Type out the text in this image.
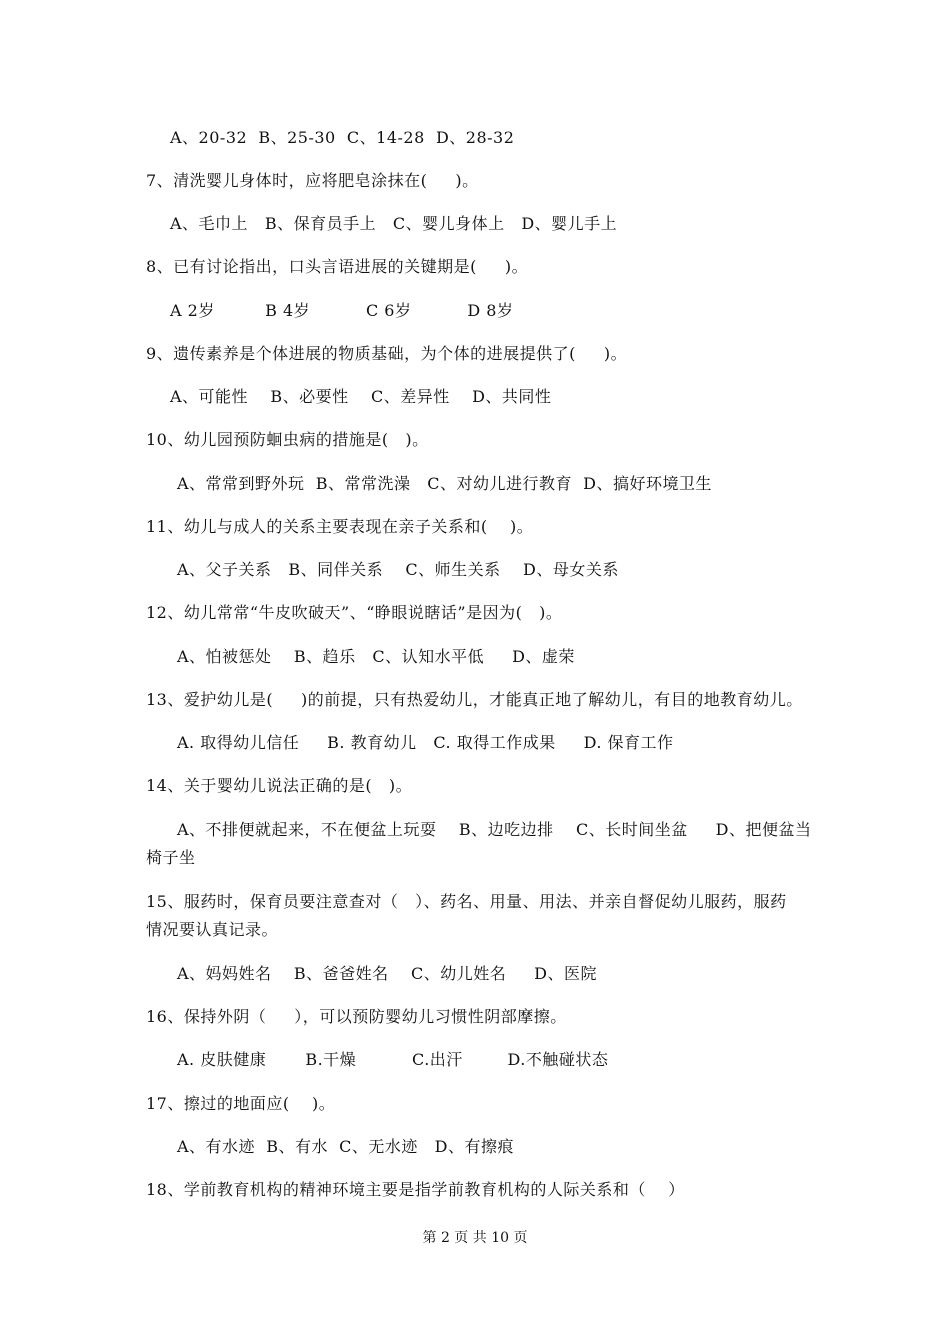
A、20-32  B、25-30  C、14-28  D、28-32
7、清洗婴儿身体时，应将肥皂涂抹在(     )。
A、毛巾上   B、保育员手上   C、婴儿身体上   D、婴儿手上
8、已有讨论指出，口头言语进展的关键期是(     )。
A 2岁         B 4岁          C 6岁          D 8岁
9、遗传素养是个体进展的物质基础，为个体的进展提供了(     )。
A、可能性    B、必要性    C、差异性    D、共同性
10、幼儿园预防蛔虫病的措施是(   )。
A、常常到野外玩  B、常常洗澡   C、对幼儿进行教育  D、搞好环境卫生
11、幼儿与成人的关系主要表现在亲子关系和(    )。
A、父子关系   B、同伴关系    C、师生关系    D、母女关系
12、幼儿常常“牛皮吹破天”、“睁眼说瞎话”是因为(   )。
A、怕被惩处    B、趋乐   C、认知水平低     D、虚荣
13、爱护幼儿是(     )的前提，只有热爱幼儿，才能真正地了解幼儿，有目的地教育幼儿。
A. 取得幼儿信任     B. 教育幼儿   C. 取得工作成果     D. 保育工作
14、关于婴幼儿说法正确的是(   )。
A、不排便就起来，不在便盆上玩耍    B、边吃边排    C、长时间坐盆     D、把便盆当
椅子坐
15、服药时，保育员要注意查对（   ）、药名、用量、用法、并亲自督促幼儿服药，服药
情况要认真记录。
A、妈妈姓名    B、爸爸姓名    C、幼儿姓名     D、医院
16、保持外阴（     ），可以预防婴幼儿习惯性阴部摩擦。
A. 皮肤健康       B.干燥          C.出汗        D.不触碰状态
17、擦过的地面应(    )。
A、有水迹  B、有水  C、无水迹   D、有擦痕
18、学前教育机构的精神环境主要是指学前教育机构的人际关系和（    ）
第 2 页 共 10 页
